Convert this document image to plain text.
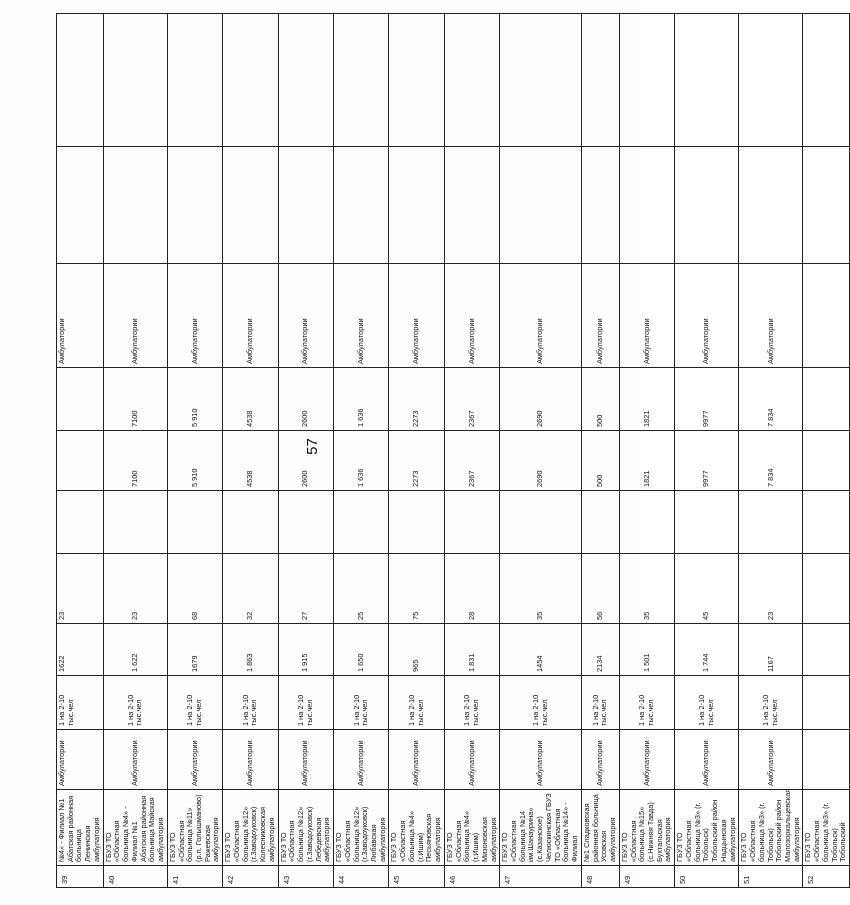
57
39	№4» - Филиал №1 Абатская районная больница Ленинская амбулатория	Амбулатории	1 на 2-10 тыс.чел	1622	23				Амбулатории		
40	ГБУЗ ТО «Областная больница №4» - Филиал №1 Абатская районная больница Майская амбулатория	Амбулатории	1 на 2-10 тыс.чел	1 622	23		7100	7100	Амбулатории		
41	ГБУЗ ТО «Областная больница №11» (р.п. Голышманово) Ражевская амбулатория	Амбулатории	1 на 2-10 тыс.чел	1679	68		5 910	5 910	Амбулатории		
42	ГБУЗ ТО «Областная больница №12» (г.Заводоуковск) Колесниковская амбулатория	Амбулатории	1 на 2-10 тыс.чел	1 863	32		4538	4538	Амбулатории		
43	ГБУЗ ТО «Областная больница №12» (г.Заводоуковск) Лебедевская амбулатория	Амбулатории	1 на 2-10 тыс.чел	1 915	27		2600	2600	Амбулатории		
44	ГБУЗ ТО «Областная больница №12» (г.Заводоуковск) Любавская амбулатория	Амбулатории	1 на 2-10 тыс.чел	1 650	25		1 636	1 636	Амбулатории		
45	ГБУЗ ТО «Областная больница №4» (г.Ишим) Песьяновская амбулатория	Амбулатории	1 на 2-10 тыс.чел	965	75		2273	2273	Амбулатории		
46	ГБУЗ ТО «Областная больница №4» (г.Ишим) Мизоновская амбулатория	Амбулатории	1 на 2-10 тыс.чел	1 831	28		2367	2367	Амбулатории		
47	ГБУЗ ТО «Областная больница №14 им.Шанаурина» (с.Казанское) Челюскинская ГБУЗ ТО «Областная больница №14» - Филиал	Амбулатории	1 на 2-10 тыс.чел	1454	35		2690	2690	Амбулатории		
48	№1 Сладковская районная больница Усовская амбулатория	Амбулатории	1 на 2-10 тыс.чел	2134	56		500	500	Амбулатории		
49	ГБУЗ ТО «Областная больница №15» (с.Нижняя Тавда) Бухтальская амбулатория	Амбулатории	1 на 2-10 тыс.чел	1 501	35		1821	1821	Амбулатории		
50	ГБУЗ ТО «Областная больница №3» (г. Тобольск) Тобольский район Надцынская амбулатория	Амбулатории	1 на 2-10 тыс.чел	1 744	45		9977	9977	Амбулатории		
51	ГБУЗ ТО «Областная больница №3» (г. Тобольск) Тобольский район Малозоркальцевская амбулатория	Амбулатории	1 на 2-10 тыс.чел	1167	23		7 834	7 834	Амбулатории		
52	ГБУЗ ТО «Областная больница №3» (г. Тобольск) Тобольский										
